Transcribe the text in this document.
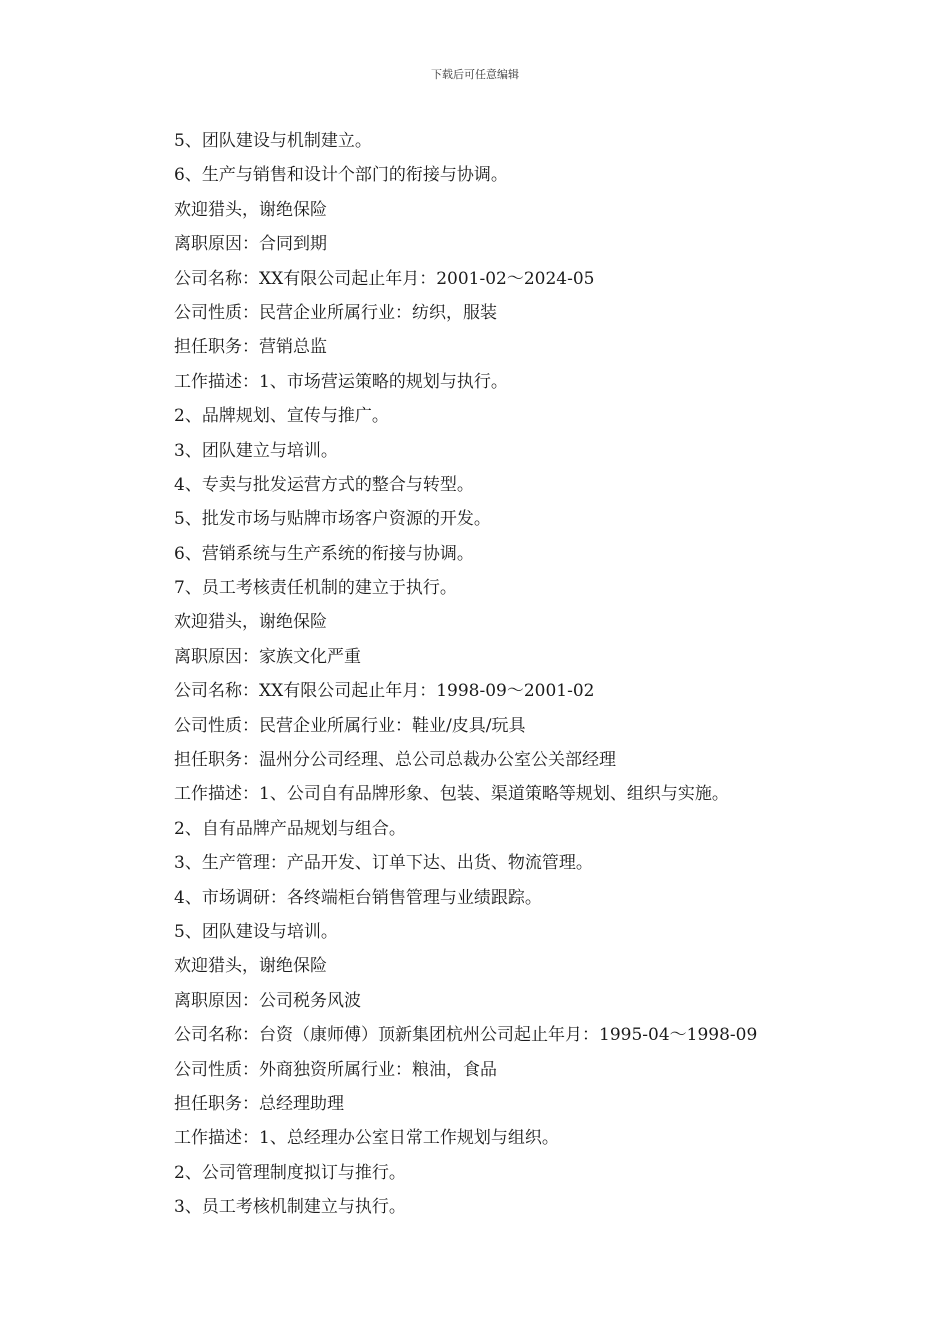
下载后可任意编辑
5、团队建设与机制建立。
6、生产与销售和设计个部门的衔接与协调。
欢迎猎头，谢绝保险
离职原因：合同到期
公司名称：XX有限公司起止年月：2001-02～2024-05
公司性质：民营企业所属行业：纺织，服装
担任职务：营销总监
工作描述：1、市场营运策略的规划与执行。
2、品牌规划、宣传与推广。
3、团队建立与培训。
4、专卖与批发运营方式的整合与转型。
5、批发市场与贴牌市场客户资源的开发。
6、营销系统与生产系统的衔接与协调。
7、员工考核责任机制的建立于执行。
欢迎猎头，谢绝保险
离职原因：家族文化严重
公司名称：XX有限公司起止年月：1998-09～2001-02
公司性质：民营企业所属行业：鞋业/皮具/玩具
担任职务：温州分公司经理、总公司总裁办公室公关部经理
工作描述：1、公司自有品牌形象、包装、渠道策略等规划、组织与实施。
2、自有品牌产品规划与组合。
3、生产管理：产品开发、订单下达、出货、物流管理。
4、市场调研：各终端柜台销售管理与业绩跟踪。
5、团队建设与培训。
欢迎猎头，谢绝保险
离职原因：公司税务风波
公司名称：台资（康师傅）顶新集团杭州公司起止年月：1995-04～1998-09
公司性质：外商独资所属行业：粮油，食品
担任职务：总经理助理
工作描述：1、总经理办公室日常工作规划与组织。
2、公司管理制度拟订与推行。
3、员工考核机制建立与执行。
